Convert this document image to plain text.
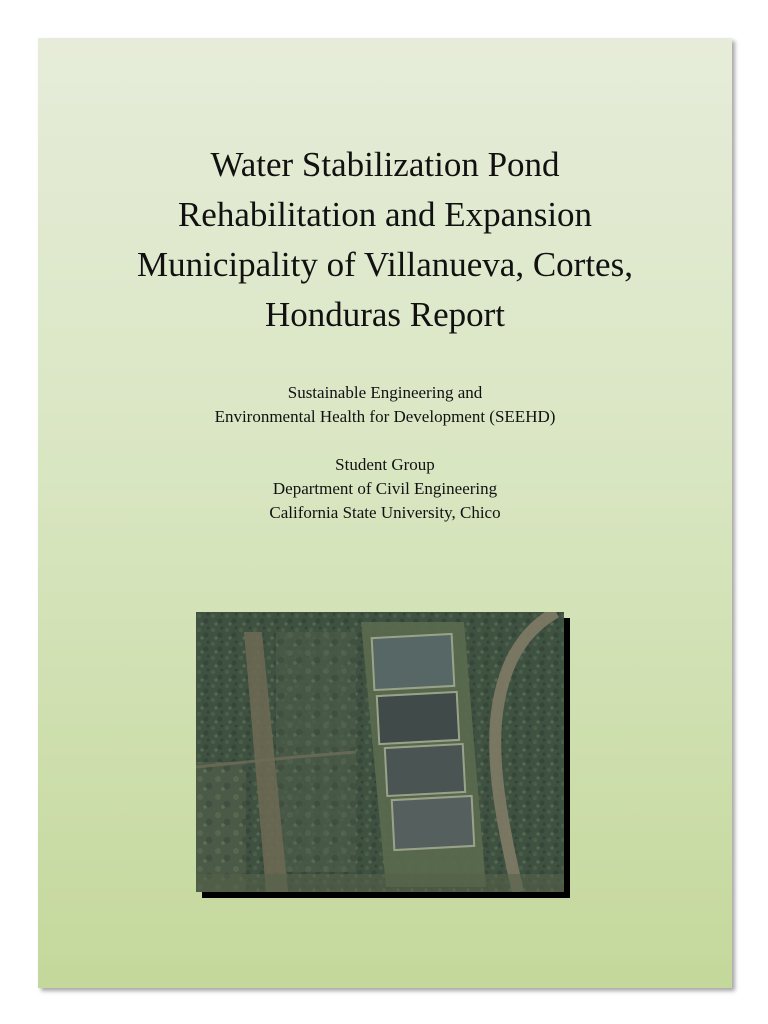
Water Stabilization Pond
Rehabilitation and Expansion
Municipality of Villanueva, Cortes,
Honduras Report
Sustainable Engineering and
Environmental Health for Development (SEEHD)
Student Group
Department of Civil Engineering
California State University, Chico
